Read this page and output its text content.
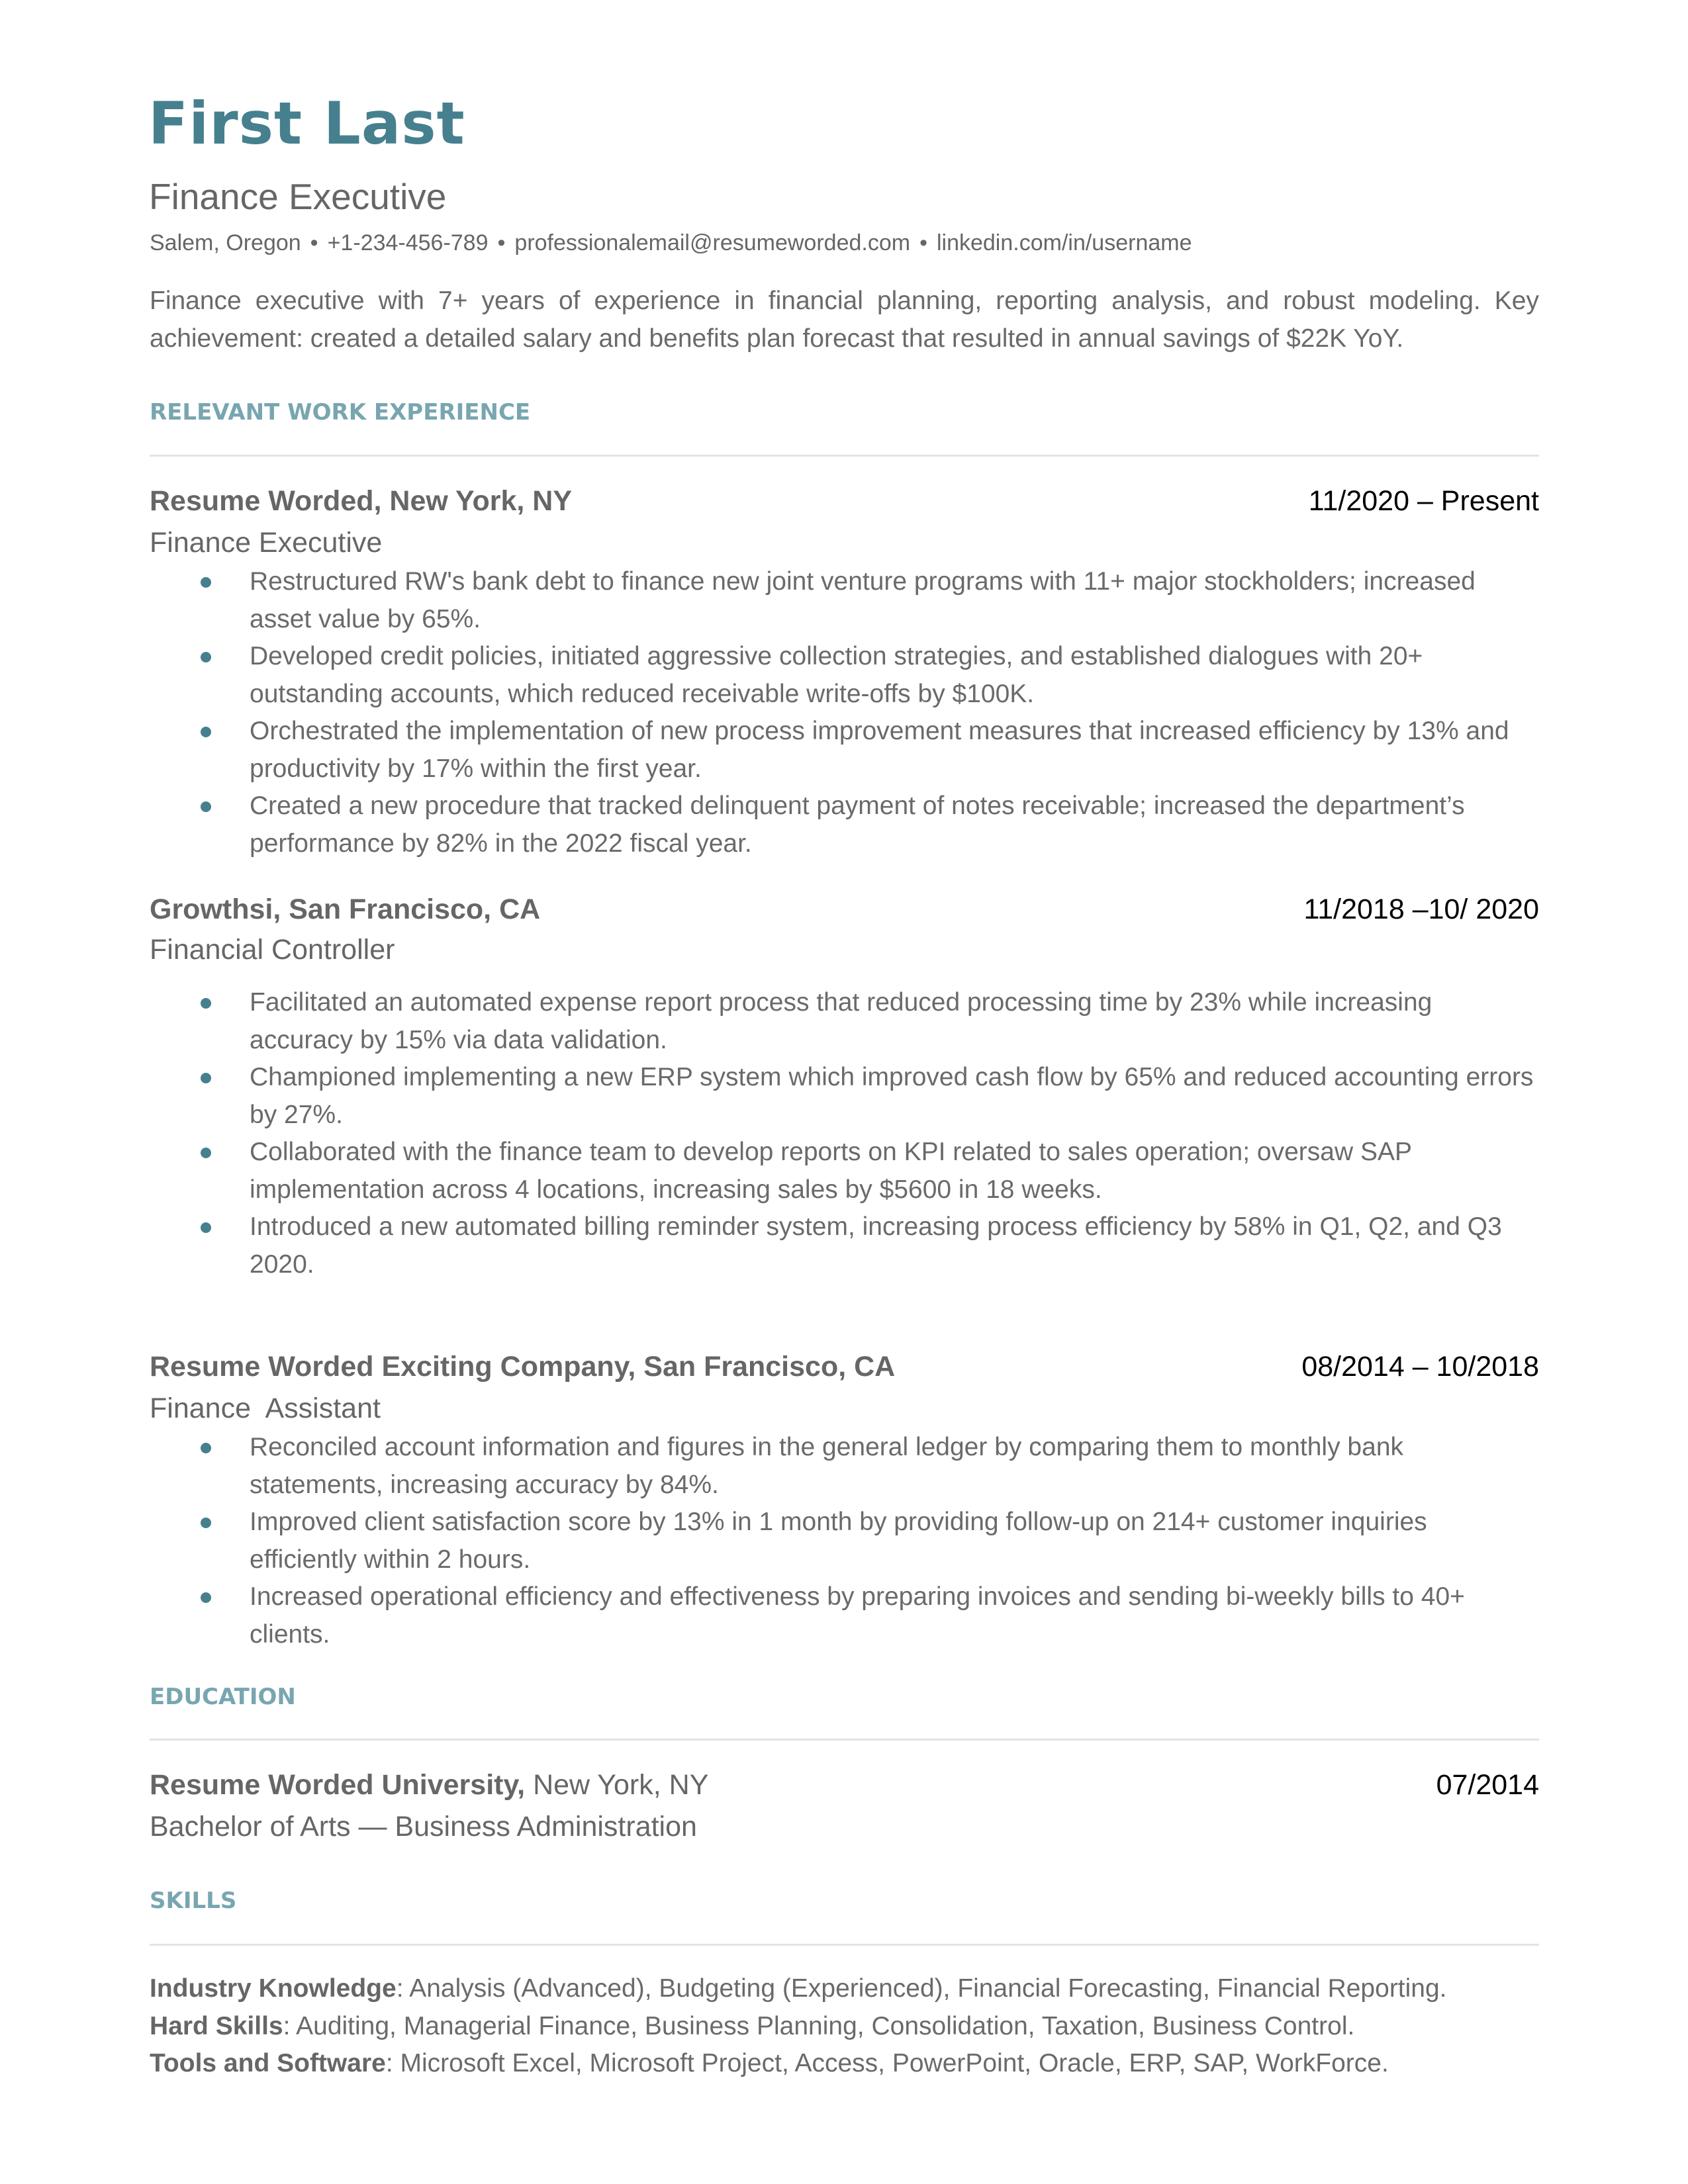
First Last
Finance Executive
Salem, Oregon • +1-234-456-789 • professionalemail@resumeworded.com • linkedin.com/in/username
Finance executive with 7+ years of experience in financial planning, reporting analysis, and robust modeling. Key achievement: created a detailed salary and benefits plan forecast that resulted in annual savings of $22K YoY.
RELEVANT WORK EXPERIENCE
Resume Worded, New York, NY	11/2020 – Present
Finance Executive
Restructured RW's bank debt to finance new joint venture programs with 11+ major stockholders; increased asset value by 65%.
Developed credit policies, initiated aggressive collection strategies, and established dialogues with 20+ outstanding accounts, which reduced receivable write-offs by $100K.
Orchestrated the implementation of new process improvement measures that increased efficiency by 13% and productivity by 17% within the first year.
Created a new procedure that tracked delinquent payment of notes receivable; increased the department’s performance by 82% in the 2022 fiscal year.
Growthsi, San Francisco, CA	11/2018 –10/ 2020
Financial Controller
Facilitated an automated expense report process that reduced processing time by 23% while increasing accuracy by 15% via data validation.
Championed implementing a new ERP system which improved cash flow by 65% and reduced accounting errors by 27%.
Collaborated with the finance team to develop reports on KPI related to sales operation; oversaw SAP implementation across 4 locations, increasing sales by $5600 in 18 weeks.
Introduced a new automated billing reminder system, increasing process efficiency by 58% in Q1, Q2, and Q3 2020.
Resume Worded Exciting Company, San Francisco, CA	08/2014 – 10/2018
Finance  Assistant
Reconciled account information and figures in the general ledger by comparing them to monthly bank statements, increasing accuracy by 84%.
Improved client satisfaction score by 13% in 1 month by providing follow-up on 214+ customer inquiries efficiently within 2 hours.
Increased operational efficiency and effectiveness by preparing invoices and sending bi-weekly bills to 40+ clients.
EDUCATION
Resume Worded University, New York, NY	07/2014
Bachelor of Arts — Business Administration
SKILLS
Industry Knowledge: Analysis (Advanced), Budgeting (Experienced), Financial Forecasting, Financial Reporting.
Hard Skills: Auditing, Managerial Finance, Business Planning, Consolidation, Taxation, Business Control.
Tools and Software: Microsoft Excel, Microsoft Project, Access, PowerPoint, Oracle, ERP, SAP, WorkForce.
